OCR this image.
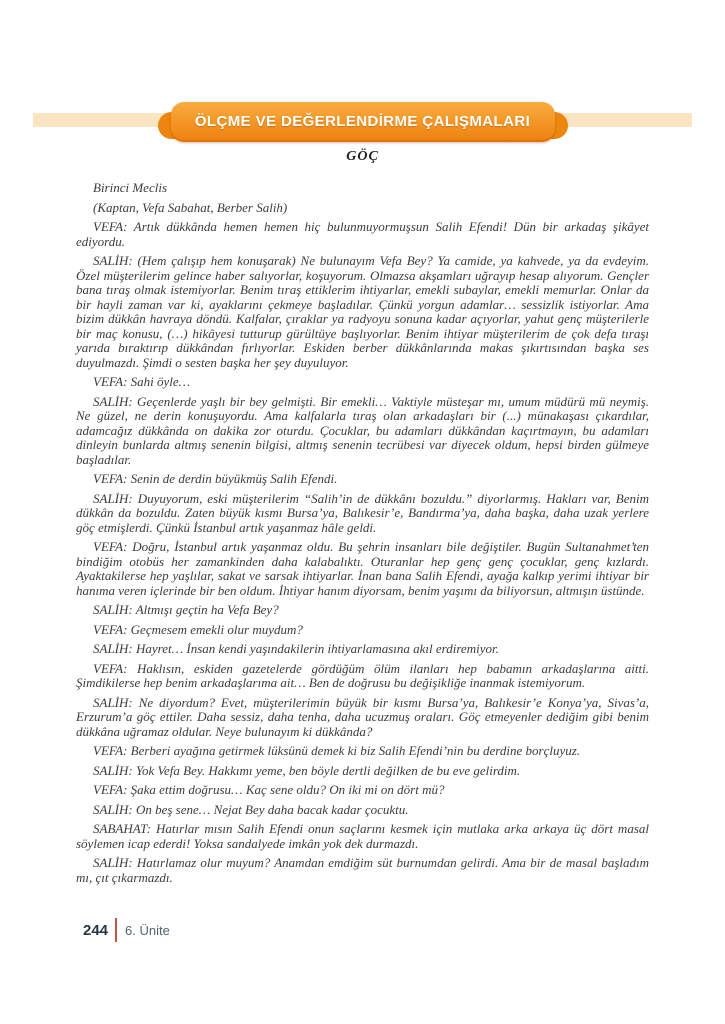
ÖLÇME VE DEĞERLENDİRME ÇALIŞMALARI
GÖÇ

Birinci Meclis

(Kaptan, Vefa Sabahat, Berber Salih)

VEFA: Artık dükkânda hemen hemen hiç bulunmuyormuşsun Salih Efendi! Dün bir arkadaş şikâyet ediyordu.

SALİH: (Hem çalışıp hem konuşarak) Ne bulunayım Vefa Bey? Ya camide, ya kahvede, ya da evdeyim. Özel müşterilerim gelince haber salıyorlar, koşuyorum. Olmazsa akşamları uğrayıp hesap alıyorum. Gençler bana tıraş olmak istemiyorlar. Benim tıraş ettiklerim ihtiyarlar, emekli subaylar, emekli memurlar. Onlar da bir hayli zaman var ki, ayaklarını çekmeye başladılar. Çünkü yorgun adamlar… sessizlik istiyorlar. Ama bizim dükkân havraya döndü. Kalfalar, çıraklar ya radyoyu sonuna kadar açıyorlar, yahut genç müşterilerle bir maç konusu, (…) hikâyesi tutturup gürültüye başlıyorlar. Benim ihtiyar müşterilerim de çok defa tıraşı yarıda bıraktırıp dükkândan fırlıyorlar. Eskiden berber dükkânlarında makas şıkırtısından başka ses duyulmazdı. Şimdi o sesten başka her şey duyuluyor.

VEFA: Sahi öyle…

SALİH: Geçenlerde yaşlı bir bey gelmişti. Bir emekli… Vaktiyle müsteşar mı, umum müdürü mü neymiş. Ne güzel, ne derin konuşuyordu. Ama kalfalarla tıraş olan arkadaşları bir (...) münakaşası çıkardılar, adamcağız dükkânda on dakika zor oturdu. Çocuklar, bu adamları dükkândan kaçırtmayın, bu adamları dinleyin bunlarda altmış senenin bilgisi, altmış senenin tecrübesi var diyecek oldum, hepsi birden gülmeye başladılar.

VEFA: Senin de derdin büyükmüş Salih Efendi.

SALİH: Duyuyorum, eski müşterilerim “Salih’in de dükkânı bozuldu.” diyorlarmış. Hakları var, Benim dükkân da bozuldu. Zaten büyük kısmı Bursa’ya, Balıkesir’e, Bandırma’ya, daha başka, daha uzak yerlere göç etmişlerdi. Çünkü İstanbul artık yaşanmaz hâle geldi.

VEFA: Doğru, İstanbul artık yaşanmaz oldu. Bu şehrin insanları bile değiştiler. Bugün Sultanahmet’ten bindiğim otobüs her zamankinden daha kalabalıktı. Oturanlar hep genç genç çocuklar, genç kızlardı. Ayaktakilerse hep yaşlılar, sakat ve sarsak ihtiyarlar. İnan bana Salih Efendi, ayağa kalkıp yerimi ihtiyar bir hanıma veren içlerinde bir ben oldum. İhtiyar hanım diyorsam, benim yaşımı da biliyorsun, altmışın üstünde.

SALİH: Altmışı geçtin ha Vefa Bey?

VEFA: Geçmesem emekli olur muydum?

SALİH: Hayret… İnsan kendi yaşındakilerin ihtiyarlamasına akıl erdiremiyor.

VEFA: Haklısın, eskiden gazetelerde gördüğüm ölüm ilanları hep babamın arkadaşlarına aitti. Şimdikilerse hep benim arkadaşlarıma ait… Ben de doğrusu bu değişikliğe inanmak istemiyorum.

SALİH: Ne diyordum? Evet, müşterilerimin büyük bir kısmı Bursa’ya, Balıkesir’e Konya’ya, Sivas’a, Erzurum’a göç ettiler. Daha sessiz, daha tenha, daha ucuzmuş oraları. Göç etmeyenler dediğim gibi benim dükkâna uğramaz oldular. Neye bulunayım ki dükkânda?

VEFA: Berberi ayağına getirmek lüksünü demek ki biz Salih Efendi’nin bu derdine borçluyuz.

SALİH: Yok Vefa Bey. Hakkımı yeme, ben böyle dertli değilken de bu eve gelirdim.

VEFA: Şaka ettim doğrusu… Kaç sene oldu? On iki mi on dört mü?

SALİH: On beş sene… Nejat Bey daha bacak kadar çocuktu.

SABAHAT: Hatırlar mısın Salih Efendi onun saçlarını kesmek için mutlaka arka arkaya üç dört masal söylemen icap ederdi! Yoksa sandalyede imkân yok dek durmazdı.

SALİH: Hatırlamaz olur muyum? Anamdan emdiğim süt burnumdan gelirdi. Ama bir de masal başladım mı, çıt çıkarmazdı.

244 6. Ünite
